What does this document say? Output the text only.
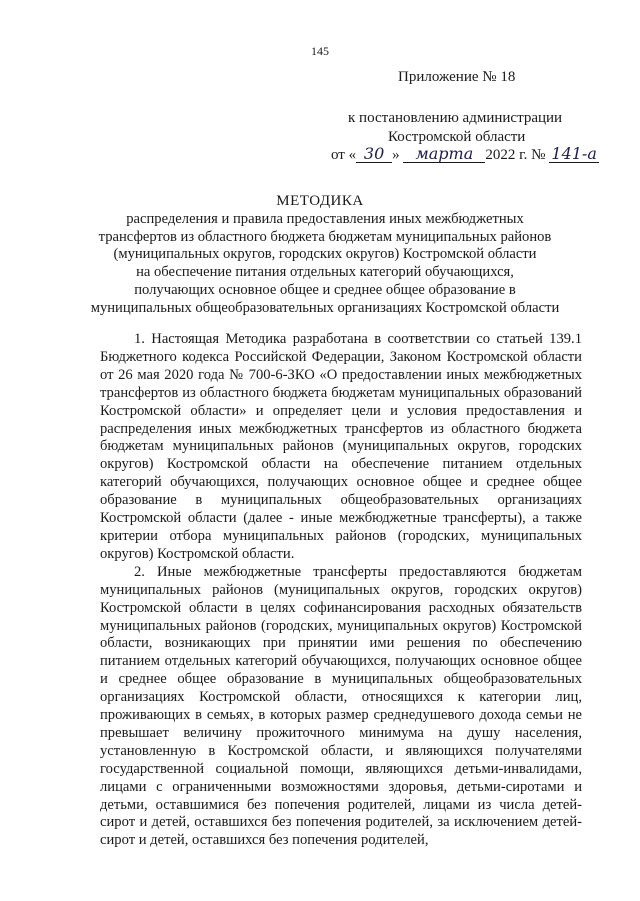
145
Приложение № 18
к постановлению администрации
Костромской области
от « 30 » марта 2022 г. № 141-а
МЕТОДИКА
распределения и правила предоставления иных межбюджетных
трансфертов из областного бюджета бюджетам муниципальных районов
(муниципальных округов, городских округов) Костромской области
на обеспечение питания отдельных категорий обучающихся,
получающих основное общее и среднее общее образование в
муниципальных общеобразовательных организациях Костромской области

1. Настоящая Методика разработана в соответствии со статьей 139.1 Бюджетного кодекса Российской Федерации, Законом Костромской области от 26 мая 2020 года № 700-6-ЗКО «О предоставлении иных межбюджетных трансфертов из областного бюджета бюджетам муниципальных образований Костромской области» и определяет цели и условия предоставления и распределения иных межбюджетных трансфертов из областного бюджета бюджетам муниципальных районов (муниципальных округов, городских округов) Костромской области на обеспечение питанием отдельных категорий обучающихся, получающих основное общее и среднее общее образование в муниципальных общеобразовательных организациях Костромской области (далее - иные межбюджетные трансферты), а также критерии отбора муниципальных районов (городских, муниципальных округов) Костромской области.

2. Иные межбюджетные трансферты предоставляются бюджетам муниципальных районов (муниципальных округов, городских округов) Костромской области в целях софинансирования расходных обязательств муниципальных районов (городских, муниципальных округов) Костромской области, возникающих при принятии ими решения по обеспечению питанием отдельных категорий обучающихся, получающих основное общее и среднее общее образование в муниципальных общеобразовательных организациях Костромской области, относящихся к категории лиц, проживающих в семьях, в которых размер среднедушевого дохода семьи не превышает величину прожиточного минимума на душу населения, установленную в Костромской области, и являющихся получателями государственной социальной помощи, являющихся детьми-инвалидами, лицами с ограниченными возможностями здоровья, детьми-сиротами и детьми, оставшимися без попечения родителей, лицами из числа детей-сирот и детей, оставшихся без попечения родителей, за исключением детей-сирот и детей, оставшихся без попечения родителей,
